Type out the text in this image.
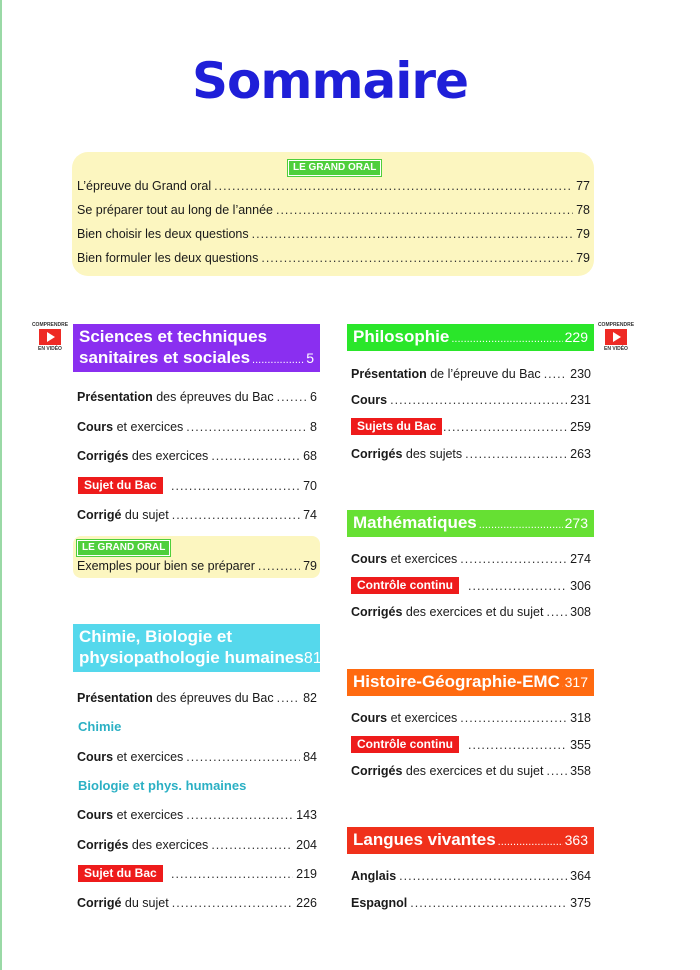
Sommaire
LE GRAND ORAL
L’épreuve du Grand oral .....	77
Se préparer tout au long de l’année .....	78
Bien choisir les deux questions .....	79
Bien formuler les deux questions .....	79
COMPRENDRE
EN VIDÉO
COMPRENDRE
EN VIDÉO
Sciences et techniques
sanitaires et sociales .....	5
Présentation des épreuves du Bac .....	6
Cours et exercices .....	8
Corrigés des exercices .....	68
Sujet du Bac .....	70
Corrigé du sujet .....	74
LE GRAND ORAL
Exemples pour bien se préparer .....	79
Chimie, Biologie et
physiopathologie humaines 81
Présentation des épreuves du Bac ..... 82
Chimie
Cours et exercices .....	84
Biologie et phys. humaines
Cours et exercices .....	143
Corrigés des exercices .....	204
Sujet du Bac .....	219
Corrigé du sujet .....	226
Philosophie .....	229
Présentation de l’épreuve du Bac ..... 230
Cours .....	231
Sujets du Bac .....	259
Corrigés des sujets .....	263
Mathématiques .....	273
Cours et exercices .....	274
Contrôle continu .....	306
Corrigés des exercices et du sujet ..... 308
Histoire-Géographie-EMC ..... 317
Cours et exercices .....	318
Contrôle continu .....	355
Corrigés des exercices et du sujet ..... 358
Langues vivantes .....	363
Anglais .....	364
Espagnol .....	375
